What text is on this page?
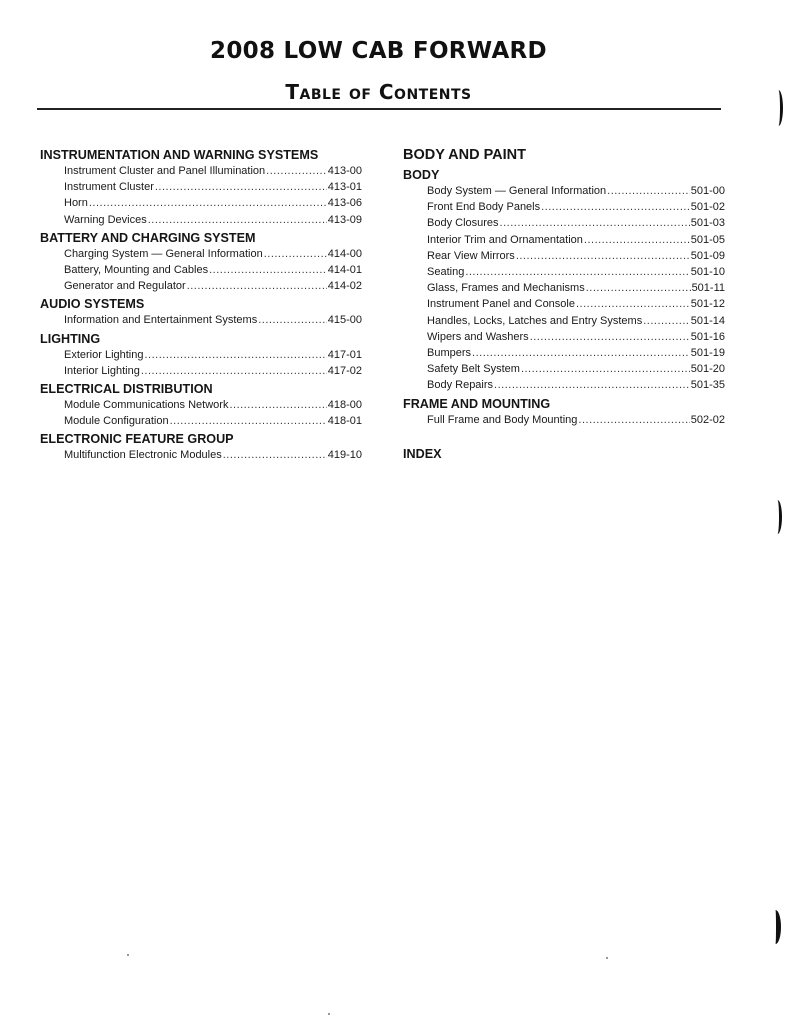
2008 LOW CAB FORWARD
Table of Contents
INSTRUMENTATION AND WARNING SYSTEMS
Instrument Cluster and Panel Illumination .....	413-00
Instrument Cluster .....	413-01
Horn .....	413-06
Warning Devices .....	413-09
BATTERY AND CHARGING SYSTEM
Charging System — General Information .....	414-00
Battery, Mounting and Cables .....	414-01
Generator and Regulator .....	414-02
AUDIO SYSTEMS
Information and Entertainment Systems .....	415-00
LIGHTING
Exterior Lighting .....	417-01
Interior Lighting .....	417-02
ELECTRICAL DISTRIBUTION
Module Communications Network .....	418-00
Module Configuration .....	418-01
ELECTRONIC FEATURE GROUP
Multifunction Electronic Modules .....	419-10
BODY AND PAINT
BODY
Body System — General Information .....	501-00
Front End Body Panels .....	501-02
Body Closures .....	501-03
Interior Trim and Ornamentation .....	501-05
Rear View Mirrors .....	501-09
Seating .....	501-10
Glass, Frames and Mechanisms .....	501-11
Instrument Panel and Console .....	501-12
Handles, Locks, Latches and Entry Systems .....	501-14
Wipers and Washers .....	501-16
Bumpers .....	501-19
Safety Belt System .....	501-20
Body Repairs .....	501-35
FRAME AND MOUNTING
Full Frame and Body Mounting .....	502-02
INDEX
